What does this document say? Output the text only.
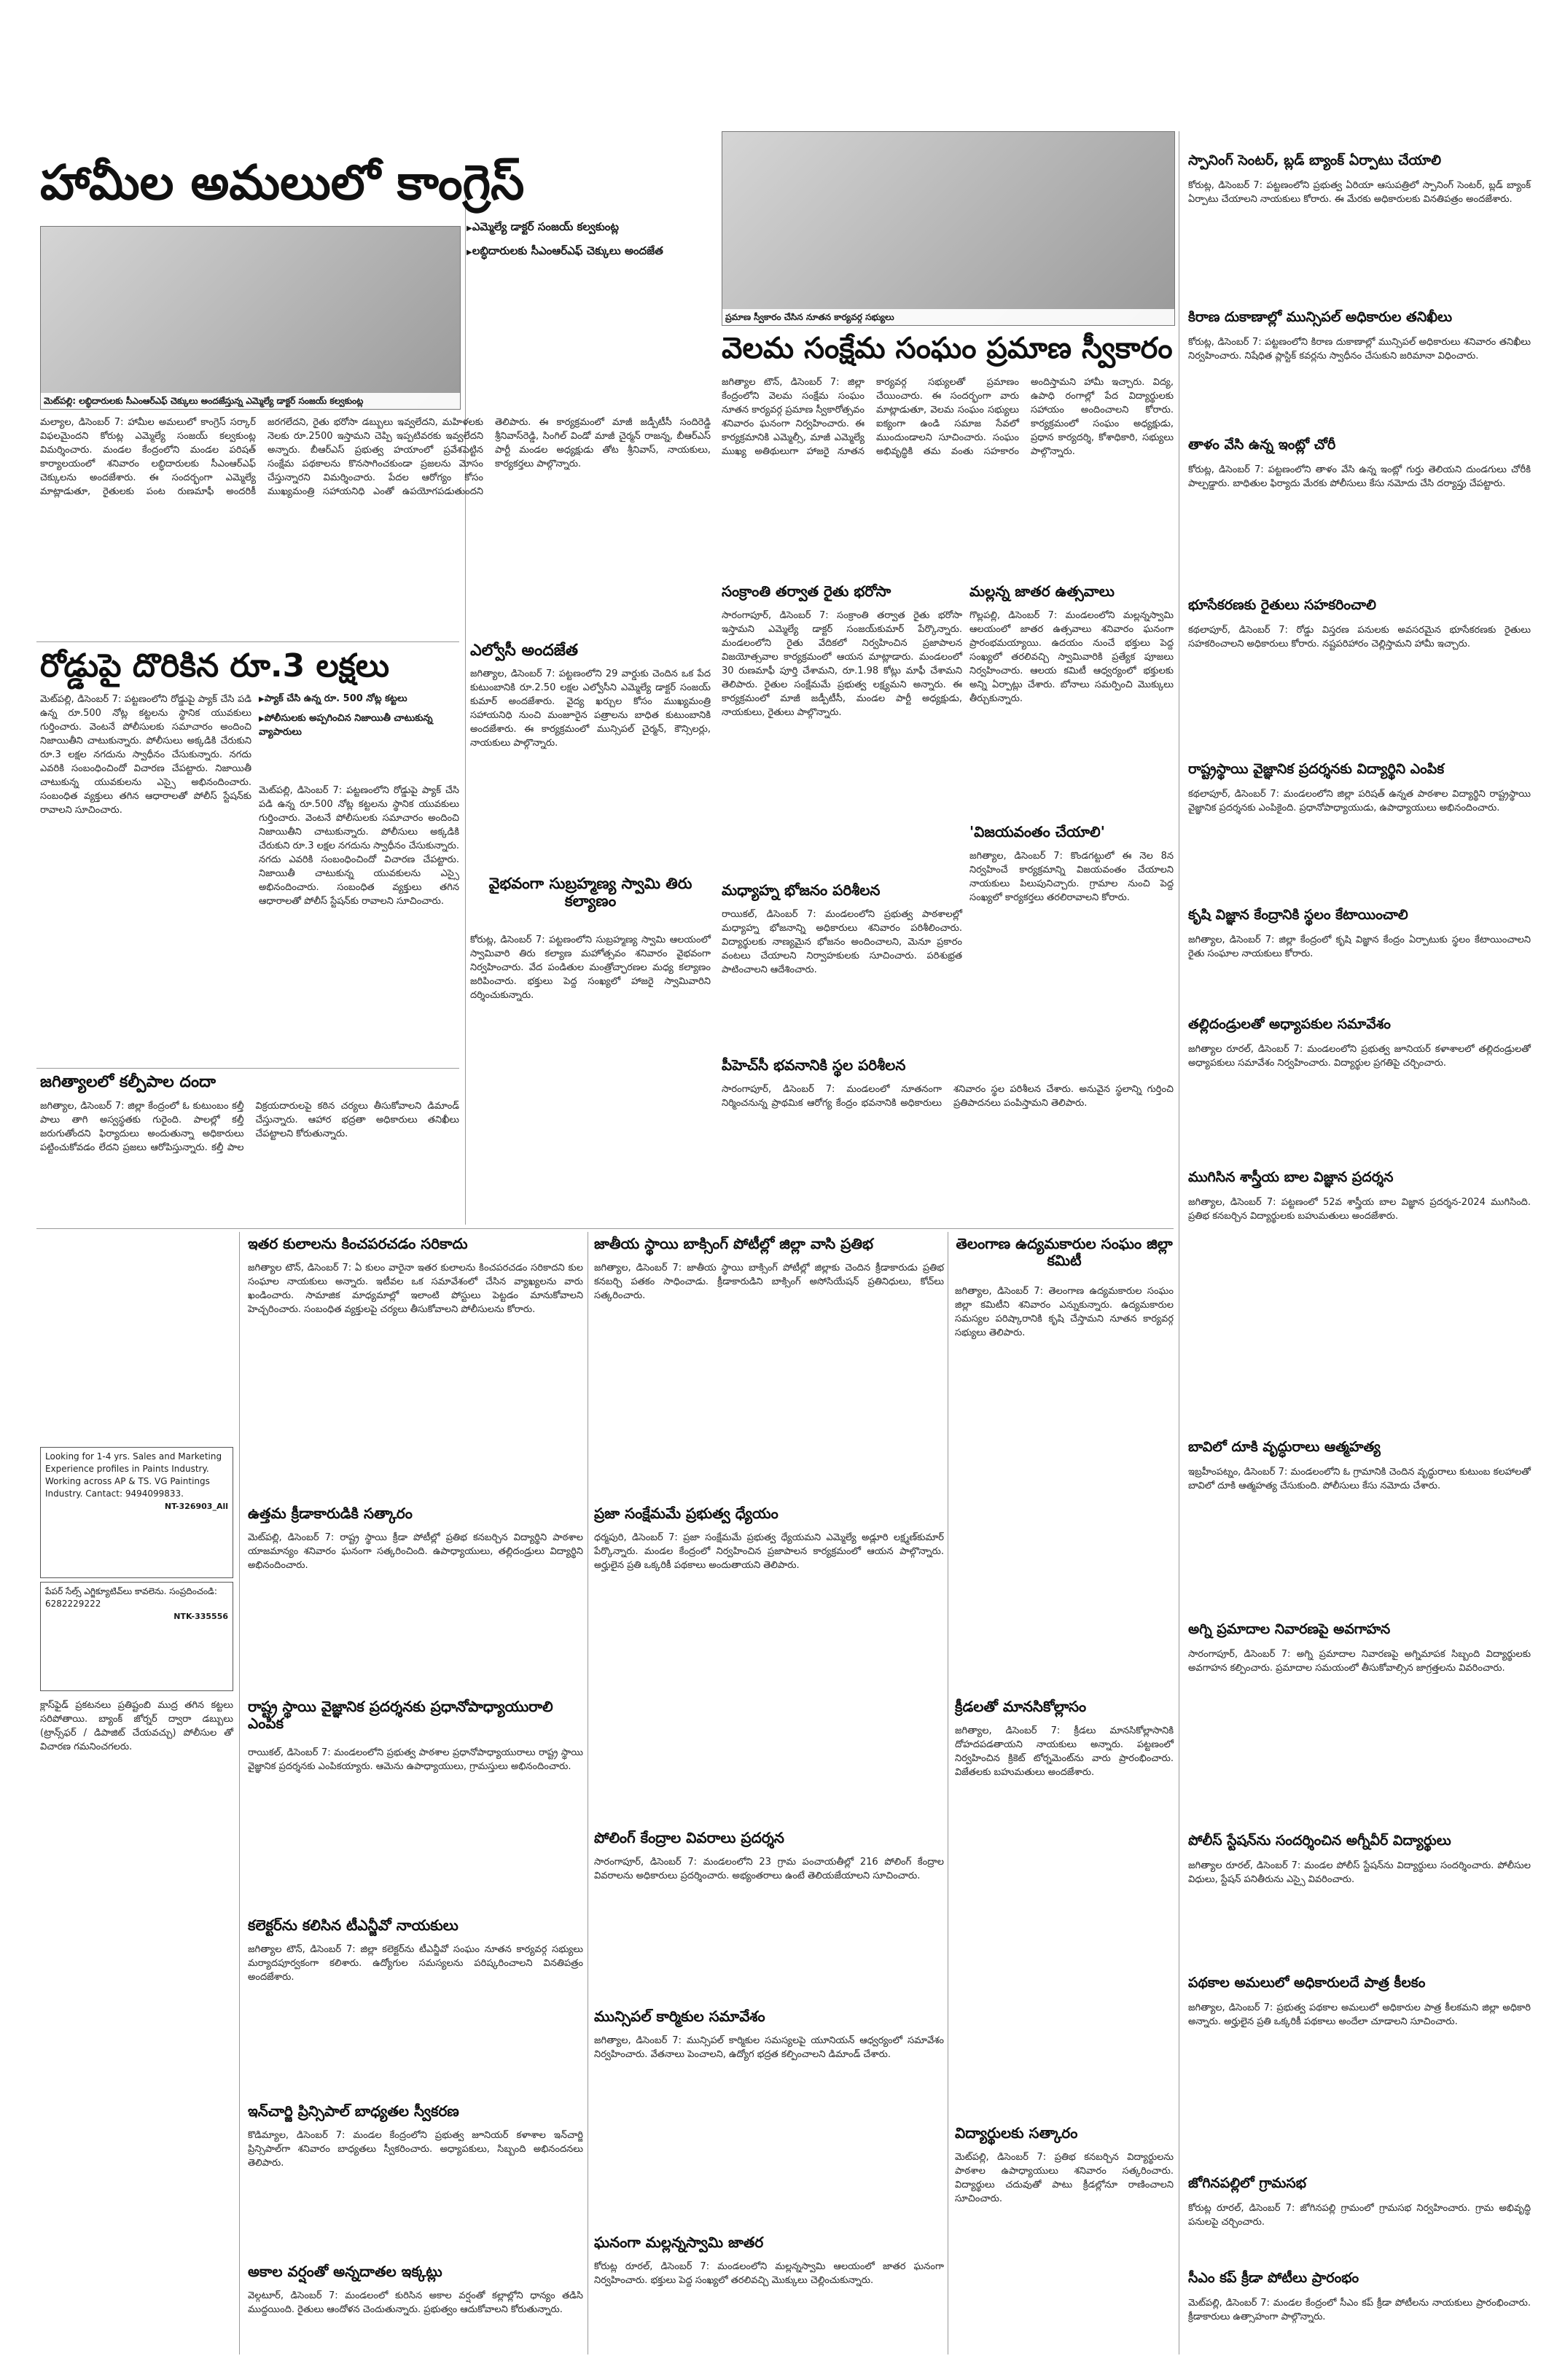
హామీల అమలులో కాంగ్రెస్
▶ ఎమ్మెల్యే డాక్టర్ సంజయ్ కల్వకుంట్ల
▶ లబ్ధిదారులకు సీఎంఆర్ఎఫ్ చెక్కులు అందజేత
మెట్‌పల్లి: లబ్ధిదారులకు సీఎంఆర్ఎఫ్ చెక్కులు అందజేస్తున్న ఎమ్మెల్యే డాక్టర్ సంజయ్ కల్వకుంట్ల
మల్యాల, డిసెంబర్ 7: హామీల అమలులో కాంగ్రెస్ సర్కార్ విఫలమైందని కోరుట్ల ఎమ్మెల్యే సంజయ్ కల్వకుంట్ల విమర్శించారు. మండల కేంద్రంలోని మండల పరిషత్ కార్యాలయంలో శనివారం లబ్ధిదారులకు సీఎంఆర్ఎఫ్ చెక్కులను అందజేశారు. ఈ సందర్భంగా ఎమ్మెల్యే మాట్లాడుతూ, రైతులకు పంట రుణమాఫీ అందరికీ జరగలేదని, రైతు భరోసా డబ్బులు ఇవ్వలేదని, మహిళలకు నెలకు రూ.2500 ఇస్తామని చెప్పి ఇప్పటివరకు ఇవ్వలేదని అన్నారు. బీఆర్ఎస్ ప్రభుత్వ హయాంలో ప్రవేశపెట్టిన సంక్షేమ పథకాలను కొనసాగించకుండా ప్రజలను మోసం చేస్తున్నారని విమర్శించారు. పేదల ఆరోగ్యం కోసం ముఖ్యమంత్రి సహాయనిధి ఎంతో ఉపయోగపడుతుందని తెలిపారు. ఈ కార్యక్రమంలో మాజీ జడ్పీటీసీ సందిరెడ్డి శ్రీనివాస్‌రెడ్డి, సింగిల్ విండో మాజీ చైర్మన్ రాజన్న, బీఆర్ఎస్ పార్టీ మండల అధ్యక్షుడు తోట శ్రీనివాస్, నాయకులు, కార్యకర్తలు పాల్గొన్నారు.
ప్రమాణ స్వీకారం చేసిన నూతన కార్యవర్గ సభ్యులు
వెలమ సంక్షేమ సంఘం ప్రమాణ స్వీకారం
జగిత్యాల టౌన్, డిసెంబర్ 7: జిల్లా కేంద్రంలోని వెలమ సంక్షేమ సంఘం నూతన కార్యవర్గ ప్రమాణ స్వీకారోత్సవం శనివారం ఘనంగా నిర్వహించారు. ఈ కార్యక్రమానికి ఎమ్మెల్సీ, మాజీ ఎమ్మెల్యే ముఖ్య అతిథులుగా హాజరై నూతన కార్యవర్గ సభ్యులతో ప్రమాణం చేయించారు. ఈ సందర్భంగా వారు మాట్లాడుతూ, వెలమ సంఘం సభ్యులు ఐక్యంగా ఉండి సమాజ సేవలో ముందుండాలని సూచించారు. సంఘం అభివృద్ధికి తమ వంతు సహకారం అందిస్తామని హామీ ఇచ్చారు. విద్య, ఉపాధి రంగాల్లో పేద విద్యార్థులకు సహాయం అందించాలని కోరారు. కార్యక్రమంలో సంఘం అధ్యక్షుడు, ప్రధాన కార్యదర్శి, కోశాధికారి, సభ్యులు పాల్గొన్నారు.
రోడ్డుపై దొరికిన రూ.3 లక్షలు
▶ ప్యాక్ చేసి ఉన్న రూ. 500 నోట్ల కట్టలు
▶ పోలీసులకు అప్పగించిన నిజాయితీ చాటుకున్న వ్యాపారులు
మెట్‌పల్లి, డిసెంబర్ 7: పట్టణంలోని రోడ్డుపై ప్యాక్ చేసి పడి ఉన్న రూ.500 నోట్ల కట్టలను స్థానిక యువకులు గుర్తించారు. వెంటనే పోలీసులకు సమాచారం అందించి నిజాయితీని చాటుకున్నారు. పోలీసులు అక్కడికి చేరుకుని రూ.3 లక్షల నగదును స్వాధీనం చేసుకున్నారు. నగదు ఎవరికి సంబంధించిందో విచారణ చేపట్టారు. నిజాయితీ చాటుకున్న యువకులను ఎస్సై అభినందించారు. సంబంధిత వ్యక్తులు తగిన ఆధారాలతో పోలీస్ స్టేషన్‌కు రావాలని సూచించారు.
మెట్‌పల్లి, డిసెంబర్ 7: పట్టణంలోని రోడ్డుపై ప్యాక్ చేసి పడి ఉన్న రూ.500 నోట్ల కట్టలను స్థానిక యువకులు గుర్తించారు. వెంటనే పోలీసులకు సమాచారం అందించి నిజాయితీని చాటుకున్నారు. పోలీసులు అక్కడికి చేరుకుని రూ.3 లక్షల నగదును స్వాధీనం చేసుకున్నారు. నగదు ఎవరికి సంబంధించిందో విచారణ చేపట్టారు. నిజాయితీ చాటుకున్న యువకులను ఎస్సై అభినందించారు. సంబంధిత వ్యక్తులు తగిన ఆధారాలతో పోలీస్ స్టేషన్‌కు రావాలని సూచించారు.
జగిత్యాలలో కల్పీపాల దందా
జగిత్యాల, డిసెంబర్ 7: జిల్లా కేంద్రంలో ఓ కుటుంబం కల్తీ పాలు తాగి అస్వస్థతకు గురైంది. పాలల్లో కల్తీ జరుగుతోందని ఫిర్యాదులు అందుతున్నా అధికారులు పట్టించుకోవడం లేదని ప్రజలు ఆరోపిస్తున్నారు. కల్తీ పాల విక్రయదారులపై కఠిన చర్యలు తీసుకోవాలని డిమాండ్ చేస్తున్నారు. ఆహార భద్రతా అధికారులు తనిఖీలు చేపట్టాలని కోరుతున్నారు.
ఎల్వోసీ అందజేత
జగిత్యాల, డిసెంబర్ 7: పట్టణంలోని 29 వార్డుకు చెందిన ఒక పేద కుటుంబానికి రూ.2.50 లక్షల ఎల్వోసీని ఎమ్మెల్యే డాక్టర్ సంజయ్ కుమార్ అందజేశారు. వైద్య ఖర్చుల కోసం ముఖ్యమంత్రి సహాయనిధి నుంచి మంజూరైన పత్రాలను బాధిత కుటుంబానికి అందజేశారు. ఈ కార్యక్రమంలో మున్సిపల్ చైర్మన్, కౌన్సిలర్లు, నాయకులు పాల్గొన్నారు.
వైభవంగా సుబ్రహ్మణ్య స్వామి తిరు కల్యాణం
కోరుట్ల, డిసెంబర్ 7: పట్టణంలోని సుబ్రహ్మణ్య స్వామి ఆలయంలో స్వామివారి తిరు కల్యాణ మహోత్సవం శనివారం వైభవంగా నిర్వహించారు. వేద పండితుల మంత్రోచ్ఛారణల మధ్య కల్యాణం జరిపించారు. భక్తులు పెద్ద సంఖ్యలో హాజరై స్వామివారిని దర్శించుకున్నారు.
సంక్రాంతి తర్వాత రైతు భరోసా
సారంగాపూర్, డిసెంబర్ 7: సంక్రాంతి తర్వాత రైతు భరోసా ఇస్తామని ఎమ్మెల్యే డాక్టర్ సంజయ్‌కుమార్ పేర్కొన్నారు. మండలంలోని రైతు వేదికలో నిర్వహించిన ప్రజాపాలన విజయోత్సవాల కార్యక్రమంలో ఆయన మాట్లాడారు. మండలంలో 30 రుణమాఫీ పూర్తి చేశామని, రూ.1.98 కోట్లు మాఫీ చేశామని తెలిపారు. రైతుల సంక్షేమమే ప్రభుత్వ లక్ష్యమని అన్నారు. ఈ కార్యక్రమంలో మాజీ జడ్పీటీసీ, మండల పార్టీ అధ్యక్షుడు, నాయకులు, రైతులు పాల్గొన్నారు.
మధ్యాహ్న భోజనం పరిశీలన
రాయికల్, డిసెంబర్ 7: మండలంలోని ప్రభుత్వ పాఠశాలల్లో మధ్యాహ్న భోజనాన్ని అధికారులు శనివారం పరిశీలించారు. విద్యార్థులకు నాణ్యమైన భోజనం అందించాలని, మెనూ ప్రకారం వంటలు చేయాలని నిర్వాహకులకు సూచించారు. పరిశుభ్రత పాటించాలని ఆదేశించారు.
పీహెచ్‌సీ భవనానికి స్థల పరిశీలన
సారంగాపూర్, డిసెంబర్ 7: మండలంలో నూతనంగా నిర్మించనున్న ప్రాథమిక ఆరోగ్య కేంద్రం భవనానికి అధికారులు శనివారం స్థల పరిశీలన చేశారు. అనువైన స్థలాన్ని గుర్తించి ప్రతిపాదనలు పంపిస్తామని తెలిపారు.
మల్లన్న జాతర ఉత్సవాలు
గొల్లపల్లి, డిసెంబర్ 7: మండలంలోని మల్లన్నస్వామి ఆలయంలో జాతర ఉత్సవాలు శనివారం ఘనంగా ప్రారంభమయ్యాయి. ఉదయం నుంచే భక్తులు పెద్ద సంఖ్యలో తరలివచ్చి స్వామివారికి ప్రత్యేక పూజలు నిర్వహించారు. ఆలయ కమిటీ ఆధ్వర్యంలో భక్తులకు అన్ని ఏర్పాట్లు చేశారు. బోనాలు సమర్పించి మొక్కులు తీర్చుకున్నారు.
'విజయవంతం చేయాలి'
జగిత్యాల, డిసెంబర్ 7: కొండగట్టులో ఈ నెల 8న నిర్వహించే కార్యక్రమాన్ని విజయవంతం చేయాలని నాయకులు పిలుపునిచ్చారు. గ్రామాల నుంచి పెద్ద సంఖ్యలో కార్యకర్తలు తరలిరావాలని కోరారు.
స్పానింగ్ సెంటర్, బ్లడ్ బ్యాంక్ ఏర్పాటు చేయాలి
కోరుట్ల, డిసెంబర్ 7: పట్టణంలోని ప్రభుత్వ ఏరియా ఆసుపత్రిలో స్పానింగ్ సెంటర్, బ్లడ్ బ్యాంక్ ఏర్పాటు చేయాలని నాయకులు కోరారు. ఈ మేరకు అధికారులకు వినతిపత్రం అందజేశారు.
కిరాణ దుకాణాల్లో మున్సిపల్ అధికారుల తనిఖీలు
కోరుట్ల, డిసెంబర్ 7: పట్టణంలోని కిరాణ దుకాణాల్లో మున్సిపల్ అధికారులు శనివారం తనిఖీలు నిర్వహించారు. నిషేధిత ప్లాస్టిక్ కవర్లను స్వాధీనం చేసుకుని జరిమానా విధించారు.
తాళం వేసి ఉన్న ఇంట్లో చోరీ
కోరుట్ల, డిసెంబర్ 7: పట్టణంలోని తాళం వేసి ఉన్న ఇంట్లో గుర్తు తెలియని దుండగులు చోరీకి పాల్పడ్డారు. బాధితుల ఫిర్యాదు మేరకు పోలీసులు కేసు నమోదు చేసి దర్యాప్తు చేపట్టారు.
భూసేకరణకు రైతులు సహకరించాలి
కథలాపూర్, డిసెంబర్ 7: రోడ్డు విస్తరణ పనులకు అవసరమైన భూసేకరణకు రైతులు సహకరించాలని అధికారులు కోరారు. నష్టపరిహారం చెల్లిస్తామని హామీ ఇచ్చారు.
రాష్ట్రస్థాయి వైజ్ఞానిక ప్రదర్శనకు విద్యార్థిని ఎంపిక
కథలాపూర్, డిసెంబర్ 7: మండలంలోని జిల్లా పరిషత్ ఉన్నత పాఠశాల విద్యార్థిని రాష్ట్రస్థాయి వైజ్ఞానిక ప్రదర్శనకు ఎంపికైంది. ప్రధానోపాధ్యాయుడు, ఉపాధ్యాయులు అభినందించారు.
కృషి విజ్ఞాన కేంద్రానికి స్థలం కేటాయించాలి
జగిత్యాల, డిసెంబర్ 7: జిల్లా కేంద్రంలో కృషి విజ్ఞాన కేంద్రం ఏర్పాటుకు స్థలం కేటాయించాలని రైతు సంఘాల నాయకులు కోరారు.
తల్లిదండ్రులతో అధ్యాపకుల సమావేశం
జగిత్యాల రూరల్, డిసెంబర్ 7: మండలంలోని ప్రభుత్వ జూనియర్ కళాశాలలో తల్లిదండ్రులతో అధ్యాపకులు సమావేశం నిర్వహించారు. విద్యార్థుల ప్రగతిపై చర్చించారు.
ముగిసిన శాస్త్రీయ బాల విజ్ఞాన ప్రదర్శన
జగిత్యాల, డిసెంబర్ 7: పట్టణంలో 52వ శాస్త్రీయ బాల విజ్ఞాన ప్రదర్శన-2024 ముగిసింది. ప్రతిభ కనబర్చిన విద్యార్థులకు బహుమతులు అందజేశారు.
బావిలో దూకి వృద్ధురాలు ఆత్మహత్య
ఇబ్రహీంపట్నం, డిసెంబర్ 7: మండలంలోని ఓ గ్రామానికి చెందిన వృద్ధురాలు కుటుంబ కలహాలతో బావిలో దూకి ఆత్మహత్య చేసుకుంది. పోలీసులు కేసు నమోదు చేశారు.
అగ్ని ప్రమాదాల నివారణపై అవగాహన
సారంగాపూర్, డిసెంబర్ 7: అగ్ని ప్రమాదాల నివారణపై అగ్నిమాపక సిబ్బంది విద్యార్థులకు అవగాహన కల్పించారు. ప్రమాదాల సమయంలో తీసుకోవాల్సిన జాగ్రత్తలను వివరించారు.
పోలీస్ స్టేషన్‌ను సందర్శించిన అగ్నీవీర్ విద్యార్థులు
జగిత్యాల రూరల్, డిసెంబర్ 7: మండల పోలీస్ స్టేషన్‌ను విద్యార్థులు సందర్శించారు. పోలీసుల విధులు, స్టేషన్ పనితీరును ఎస్సై వివరించారు.
పథకాల అమలులో అధికారులదే పాత్ర కీలకం
జగిత్యాల, డిసెంబర్ 7: ప్రభుత్వ పథకాల అమలులో అధికారుల పాత్ర కీలకమని జిల్లా అధికారి అన్నారు. అర్హులైన ప్రతి ఒక్కరికీ పథకాలు అందేలా చూడాలని సూచించారు.
జోగినపల్లిలో గ్రామసభ
కోరుట్ల రూరల్, డిసెంబర్ 7: జోగినపల్లి గ్రామంలో గ్రామసభ నిర్వహించారు. గ్రామ అభివృద్ధి పనులపై చర్చించారు.
సీఎం కప్ క్రీడా పోటీలు ప్రారంభం
మెట్‌పల్లి, డిసెంబర్ 7: మండల కేంద్రంలో సీఎం కప్ క్రీడా పోటీలను నాయకులు ప్రారంభించారు. క్రీడాకారులు ఉత్సాహంగా పాల్గొన్నారు.
Looking for 1-4 yrs. Sales and Marketing Experience profiles in Paints Industry. Working across AP & TS. VG Paintings Industry. Cantact: 9494099833.
NT-326903_All
పేపర్ సేల్స్ ఎగ్జిక్యూటివ్‌లు కావలెను. సంప్రదించండి: 6282229222
NTK-335556
క్లాస్‌ఫైడ్ ప్రకటనలు ప్రతిష్టంబి ముద్ర తగిన కట్టలు సరిపోతాయి. బ్యాంక్ జోర్నర్ ద్వారా డబ్బులు (ట్రాన్స్‌ఫర్ / డిపాజిట్ చేయవచ్చు) పోలీసుల తో విచారణ గమనించగలరు.
ఇతర కులాలను కించపరచడం సరికాదు
జగిత్యాల టౌన్, డిసెంబర్ 7: ఏ కులం వారైనా ఇతర కులాలను కించపరచడం సరికాదని కుల సంఘాల నాయకులు అన్నారు. ఇటీవల ఒక సమావేశంలో చేసిన వ్యాఖ్యలను వారు ఖండించారు. సామాజిక మాధ్యమాల్లో ఇలాంటి పోస్టులు పెట్టడం మానుకోవాలని హెచ్చరించారు. సంబంధిత వ్యక్తులపై చర్యలు తీసుకోవాలని పోలీసులను కోరారు.
ఉత్తమ క్రీడాకారుడికి సత్కారం
మెట్‌పల్లి, డిసెంబర్ 7: రాష్ట్ర స్థాయి క్రీడా పోటీల్లో ప్రతిభ కనబర్చిన విద్యార్థిని పాఠశాల యాజమాన్యం శనివారం ఘనంగా సత్కరించింది. ఉపాధ్యాయులు, తల్లిదండ్రులు విద్యార్థిని అభినందించారు.
రాష్ట్ర స్థాయి వైజ్ఞానిక ప్రదర్శనకు ప్రధానోపాధ్యాయురాలి ఎంపిక
రాయికల్, డిసెంబర్ 7: మండలంలోని ప్రభుత్వ పాఠశాల ప్రధానోపాధ్యాయురాలు రాష్ట్ర స్థాయి వైజ్ఞానిక ప్రదర్శనకు ఎంపికయ్యారు. ఆమెను ఉపాధ్యాయులు, గ్రామస్తులు అభినందించారు.
కలెక్టర్‌ను కలిసిన టీఎన్జీవో నాయకులు
జగిత్యాల టౌన్, డిసెంబర్ 7: జిల్లా కలెక్టర్‌ను టీఎన్జీవో సంఘం నూతన కార్యవర్గ సభ్యులు మర్యాదపూర్వకంగా కలిశారు. ఉద్యోగుల సమస్యలను పరిష్కరించాలని వినతిపత్రం అందజేశారు.
ఇన్‌చార్జి ప్రిన్సిపాల్ బాధ్యతల స్వీకరణ
కొడిమ్యాల, డిసెంబర్ 7: మండల కేంద్రంలోని ప్రభుత్వ జూనియర్ కళాశాల ఇన్‌చార్జి ప్రిన్సిపాల్‌గా శనివారం బాధ్యతలు స్వీకరించారు. అధ్యాపకులు, సిబ్బంది అభినందనలు తెలిపారు.
అకాల వర్షంతో అన్నదాతల ఇక్కట్లు
వెల్గటూర్, డిసెంబర్ 7: మండలంలో కురిసిన అకాల వర్షంతో కల్లాల్లోని ధాన్యం తడిసి ముద్దయింది. రైతులు ఆందోళన చెందుతున్నారు. ప్రభుత్వం ఆదుకోవాలని కోరుతున్నారు.
జాతీయ స్థాయి బాక్సింగ్ పోటీల్లో జిల్లా వాసి ప్రతిభ
జగిత్యాల, డిసెంబర్ 7: జాతీయ స్థాయి బాక్సింగ్ పోటీల్లో జిల్లాకు చెందిన క్రీడాకారుడు ప్రతిభ కనబర్చి పతకం సాధించాడు. క్రీడాకారుడిని బాక్సింగ్ అసోసియేషన్ ప్రతినిధులు, కోచ్‌లు సత్కరించారు.
ప్రజా సంక్షేమమే ప్రభుత్వ ధ్యేయం
ధర్మపురి, డిసెంబర్ 7: ప్రజా సంక్షేమమే ప్రభుత్వ ధ్యేయమని ఎమ్మెల్యే అడ్లూరి లక్ష్మణ్‌కుమార్ పేర్కొన్నారు. మండల కేంద్రంలో నిర్వహించిన ప్రజాపాలన కార్యక్రమంలో ఆయన పాల్గొన్నారు. అర్హులైన ప్రతి ఒక్కరికీ పథకాలు అందుతాయని తెలిపారు.
పోలింగ్ కేంద్రాల వివరాలు ప్రదర్శన
సారంగాపూర్, డిసెంబర్ 7: మండలంలోని 23 గ్రామ పంచాయతీల్లో 216 పోలింగ్ కేంద్రాల వివరాలను అధికారులు ప్రదర్శించారు. అభ్యంతరాలు ఉంటే తెలియజేయాలని సూచించారు.
మున్సిపల్ కార్మికుల సమావేశం
జగిత్యాల, డిసెంబర్ 7: మున్సిపల్ కార్మికుల సమస్యలపై యూనియన్ ఆధ్వర్యంలో సమావేశం నిర్వహించారు. వేతనాలు పెంచాలని, ఉద్యోగ భద్రత కల్పించాలని డిమాండ్ చేశారు.
ఘనంగా మల్లన్నస్వామి జాతర
కోరుట్ల రూరల్, డిసెంబర్ 7: మండలంలోని మల్లన్నస్వామి ఆలయంలో జాతర ఘనంగా నిర్వహించారు. భక్తులు పెద్ద సంఖ్యలో తరలివచ్చి మొక్కులు చెల్లించుకున్నారు.
తెలంగాణ ఉద్యమకారుల సంఘం జిల్లా కమిటీ
జగిత్యాల, డిసెంబర్ 7: తెలంగాణ ఉద్యమకారుల సంఘం జిల్లా కమిటీని శనివారం ఎన్నుకున్నారు. ఉద్యమకారుల సమస్యల పరిష్కారానికి కృషి చేస్తామని నూతన కార్యవర్గ సభ్యులు తెలిపారు.
క్రీడలతో మానసికోల్లాసం
జగిత్యాల, డిసెంబర్ 7: క్రీడలు మానసికోల్లాసానికి దోహదపడతాయని నాయకులు అన్నారు. పట్టణంలో నిర్వహించిన క్రికెట్ టోర్నమెంట్‌ను వారు ప్రారంభించారు. విజేతలకు బహుమతులు అందజేశారు.
విద్యార్థులకు సత్కారం
మెట్‌పల్లి, డిసెంబర్ 7: ప్రతిభ కనబర్చిన విద్యార్థులను పాఠశాల ఉపాధ్యాయులు శనివారం సత్కరించారు. విద్యార్థులు చదువుతో పాటు క్రీడల్లోనూ రాణించాలని సూచించారు.
